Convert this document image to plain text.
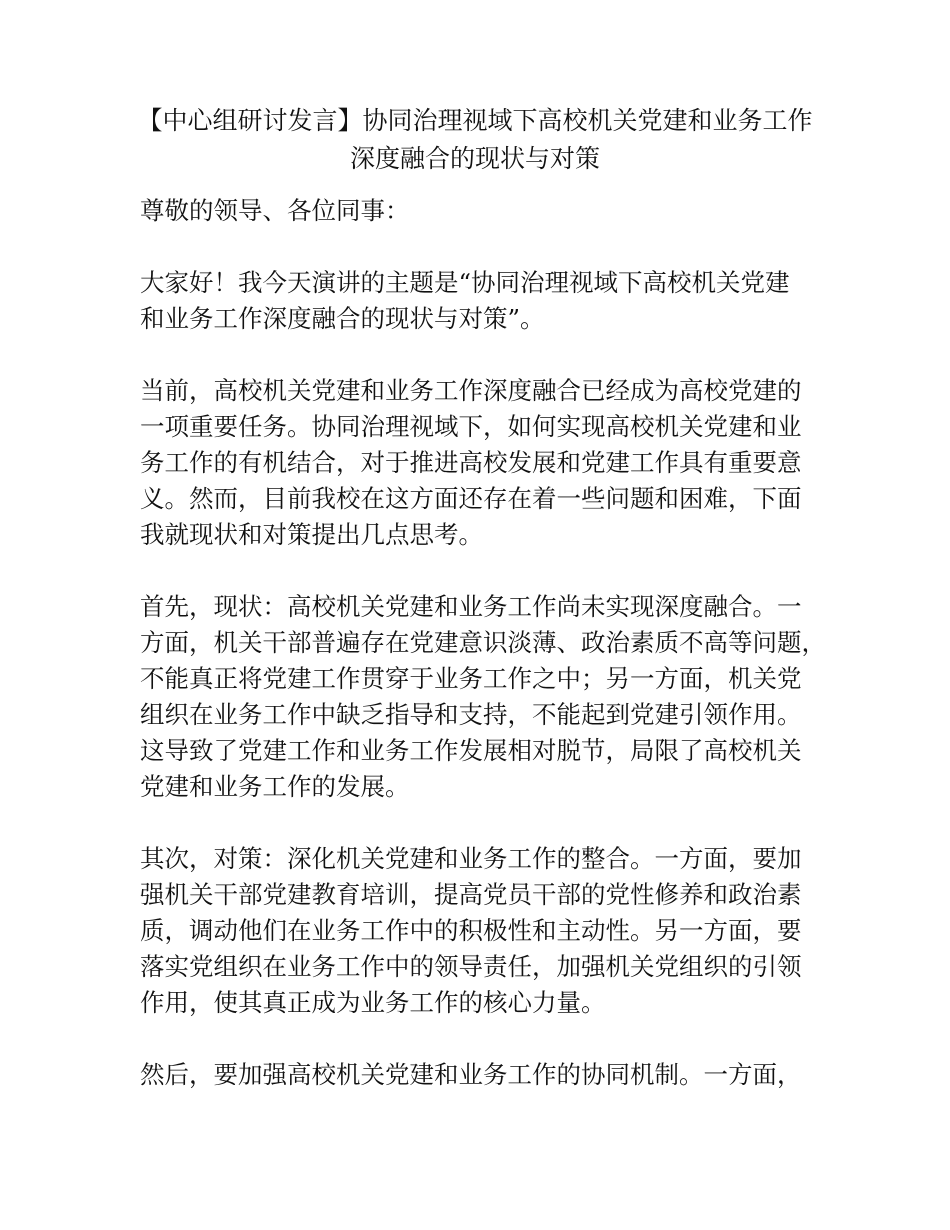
【中心组研讨发言】协同治理视域下高校机关党建和业务工作
深度融合的现状与对策

尊敬的领导、各位同事：

大家好！我今天演讲的主题是“协同治理视域下高校机关党建
和业务工作深度融合的现状与对策”。

当前，高校机关党建和业务工作深度融合已经成为高校党建的
一项重要任务。协同治理视域下，如何实现高校机关党建和业
务工作的有机结合，对于推进高校发展和党建工作具有重要意
义。然而，目前我校在这方面还存在着一些问题和困难，下面
我就现状和对策提出几点思考。

首先，现状：高校机关党建和业务工作尚未实现深度融合。一
方面，机关干部普遍存在党建意识淡薄、政治素质不高等问题，
不能真正将党建工作贯穿于业务工作之中；另一方面，机关党
组织在业务工作中缺乏指导和支持，不能起到党建引领作用。
这导致了党建工作和业务工作发展相对脱节，局限了高校机关
党建和业务工作的发展。

其次，对策：深化机关党建和业务工作的整合。一方面，要加
强机关干部党建教育培训，提高党员干部的党性修养和政治素
质，调动他们在业务工作中的积极性和主动性。另一方面，要
落实党组织在业务工作中的领导责任，加强机关党组织的引领
作用，使其真正成为业务工作的核心力量。

然后，要加强高校机关党建和业务工作的协同机制。一方面，
